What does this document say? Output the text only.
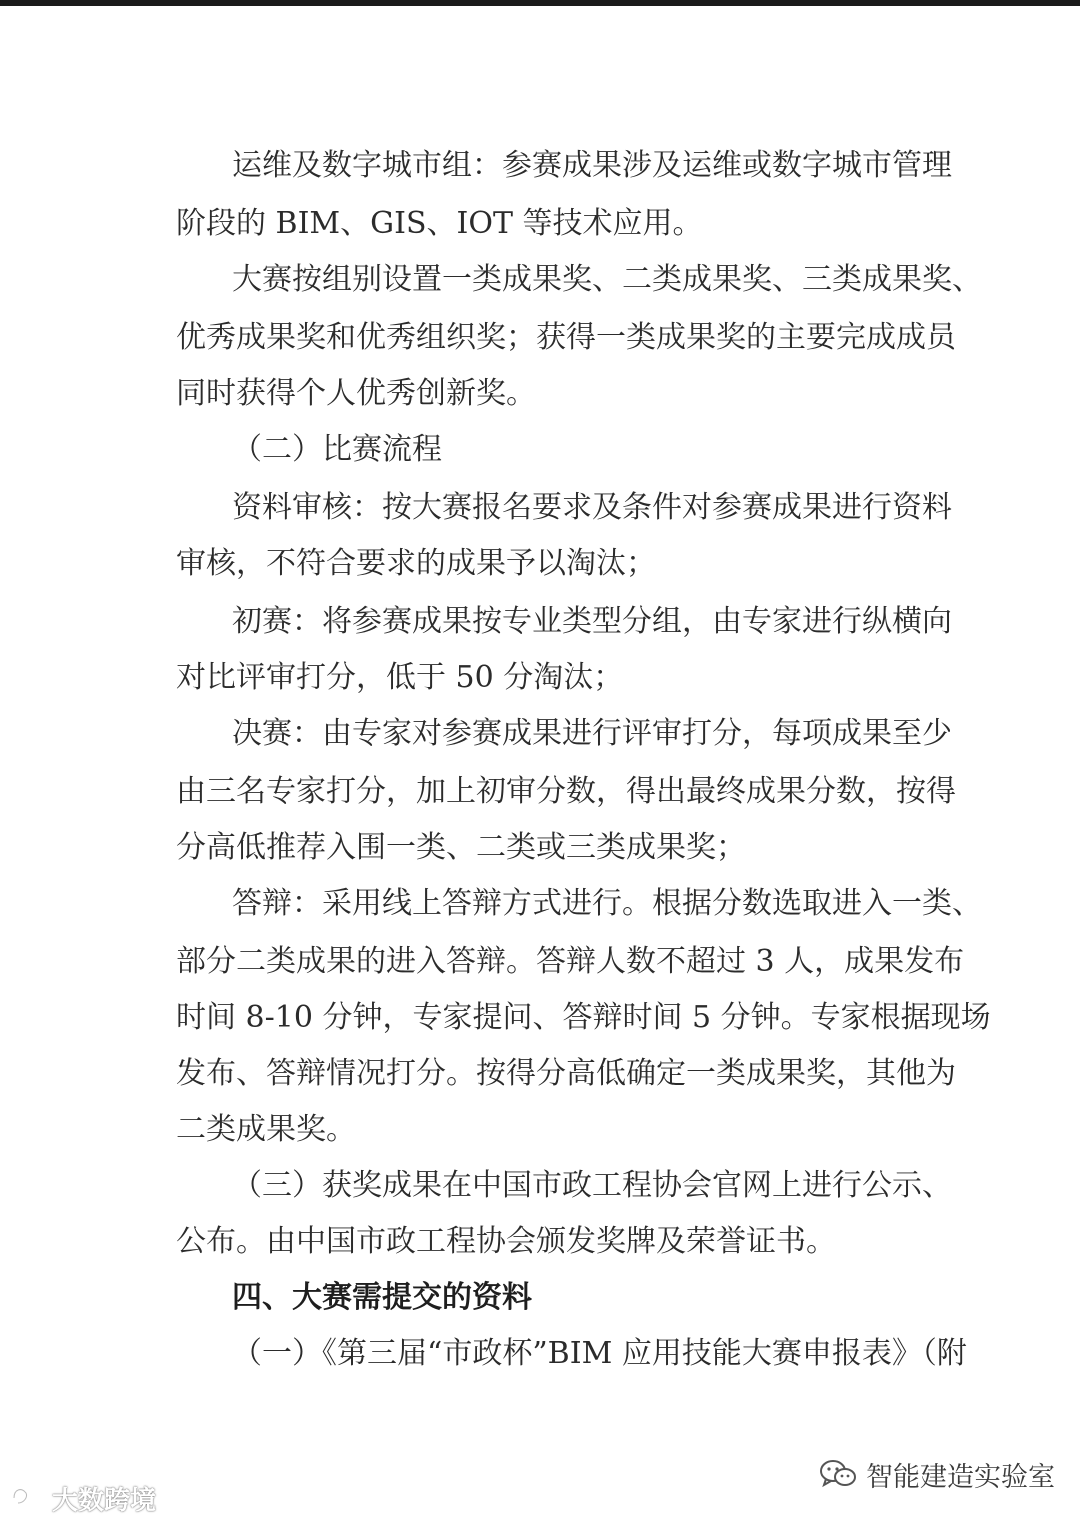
运维及数字城市组：参赛成果涉及运维或数字城市管理
阶段的 BIM、GIS、IOT 等技术应用。
大赛按组别设置一类成果奖、二类成果奖、三类成果奖、
优秀成果奖和优秀组织奖；获得一类成果奖的主要完成成员
同时获得个人优秀创新奖。
（二）比赛流程
资料审核：按大赛报名要求及条件对参赛成果进行资料
审核，不符合要求的成果予以淘汰；
初赛：将参赛成果按专业类型分组，由专家进行纵横向
对比评审打分，低于 50 分淘汰；
决赛：由专家对参赛成果进行评审打分，每项成果至少
由三名专家打分，加上初审分数，得出最终成果分数，按得
分高低推荐入围一类、二类或三类成果奖；
答辩：采用线上答辩方式进行。根据分数选取进入一类、
部分二类成果的进入答辩。答辩人数不超过 3 人，成果发布
时间 8-10 分钟，专家提问、答辩时间 5 分钟。专家根据现场
发布、答辩情况打分。按得分高低确定一类成果奖，其他为
二类成果奖。
（三）获奖成果在中国市政工程协会官网上进行公示、
公布。由中国市政工程协会颁发奖牌及荣誉证书。
四、大赛需提交的资料
（一）《第三届“市政杯”BIM 应用技能大赛申报表》（附
大数跨境
智能建造实验室
